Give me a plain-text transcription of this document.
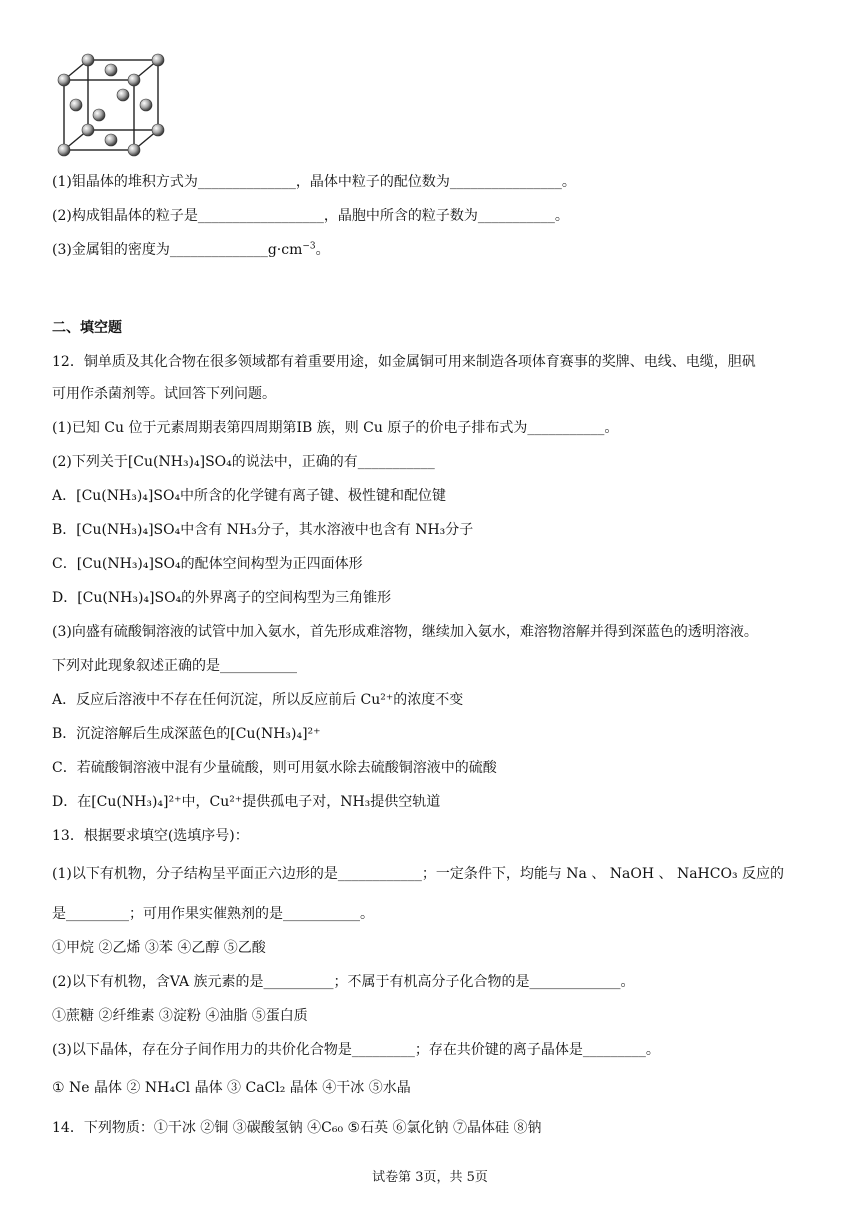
(1)钼晶体的堆积方式为______________，晶体中粒子的配位数为________________。
(2)构成钼晶体的粒子是__________________，晶胞中所含的粒子数为___________。
(3)金属钼的密度为$\_\_\_\_\_\_\_\_\_\_\_\_\_\_g\cdot cm^{-3}$。
二、填空题
12．铜单质及其化合物在很多领域都有着重要用途，如金属铜可用来制造各项体育赛事的奖牌、电线、电缆，胆矾
可用作杀菌剂等。试回答下列问题。
(1)已知 Cu 位于元素周期表第四周期第IB 族，则 Cu 原子的价电子排布式为___________。
(2)下列关于[Cu(NH₃)₄]SO₄的说法中，正确的有___________
A．[Cu(NH₃)₄]SO₄中所含的化学键有离子键、极性键和配位键
B．[Cu(NH₃)₄]SO₄中含有 NH₃分子，其水溶液中也含有 NH₃分子
C．[Cu(NH₃)₄]SO₄的配体空间构型为正四面体形
D．[Cu(NH₃)₄]SO₄的外界离子的空间构型为三角锥形
(3)向盛有硫酸铜溶液的试管中加入氨水，首先形成难溶物，继续加入氨水，难溶物溶解并得到深蓝色的透明溶液。
下列对此现象叙述正确的是___________
A．反应后溶液中不存在任何沉淀，所以反应前后 Cu²⁺的浓度不变
B．沉淀溶解后生成深蓝色的[Cu(NH₃)₄]²⁺
C．若硫酸铜溶液中混有少量硫酸，则可用氨水除去硫酸铜溶液中的硫酸
D．在[Cu(NH₃)₄]²⁺中，Cu²⁺提供孤电子对，NH₃提供空轨道
13．根据要求填空(选填序号)：
(1)以下有机物，分子结构呈平面正六边形的是____________；一定条件下，均能与 Na 、 NaOH 、 NaHCO₃ 反应的
是_________；可用作果实催熟剂的是___________。
①甲烷 ②乙烯 ③苯 ④乙醇 ⑤乙酸
(2)以下有机物，含VA 族元素的是__________；不属于有机高分子化合物的是_____________。
①蔗糖 ②纤维素 ③淀粉 ④油脂 ⑤蛋白质
(3)以下晶体，存在分子间作用力的共价化合物是_________；存在共价键的离子晶体是_________。
① Ne 晶体 ② NH₄Cl 晶体 ③ CaCl₂ 晶体 ④干冰 ⑤水晶
14．下列物质：①干冰 ②铜 ③碳酸氢钠 ④C₆₀ ⑤石英 ⑥氯化钠 ⑦晶体硅 ⑧钠
试卷第 3页，共 5页
